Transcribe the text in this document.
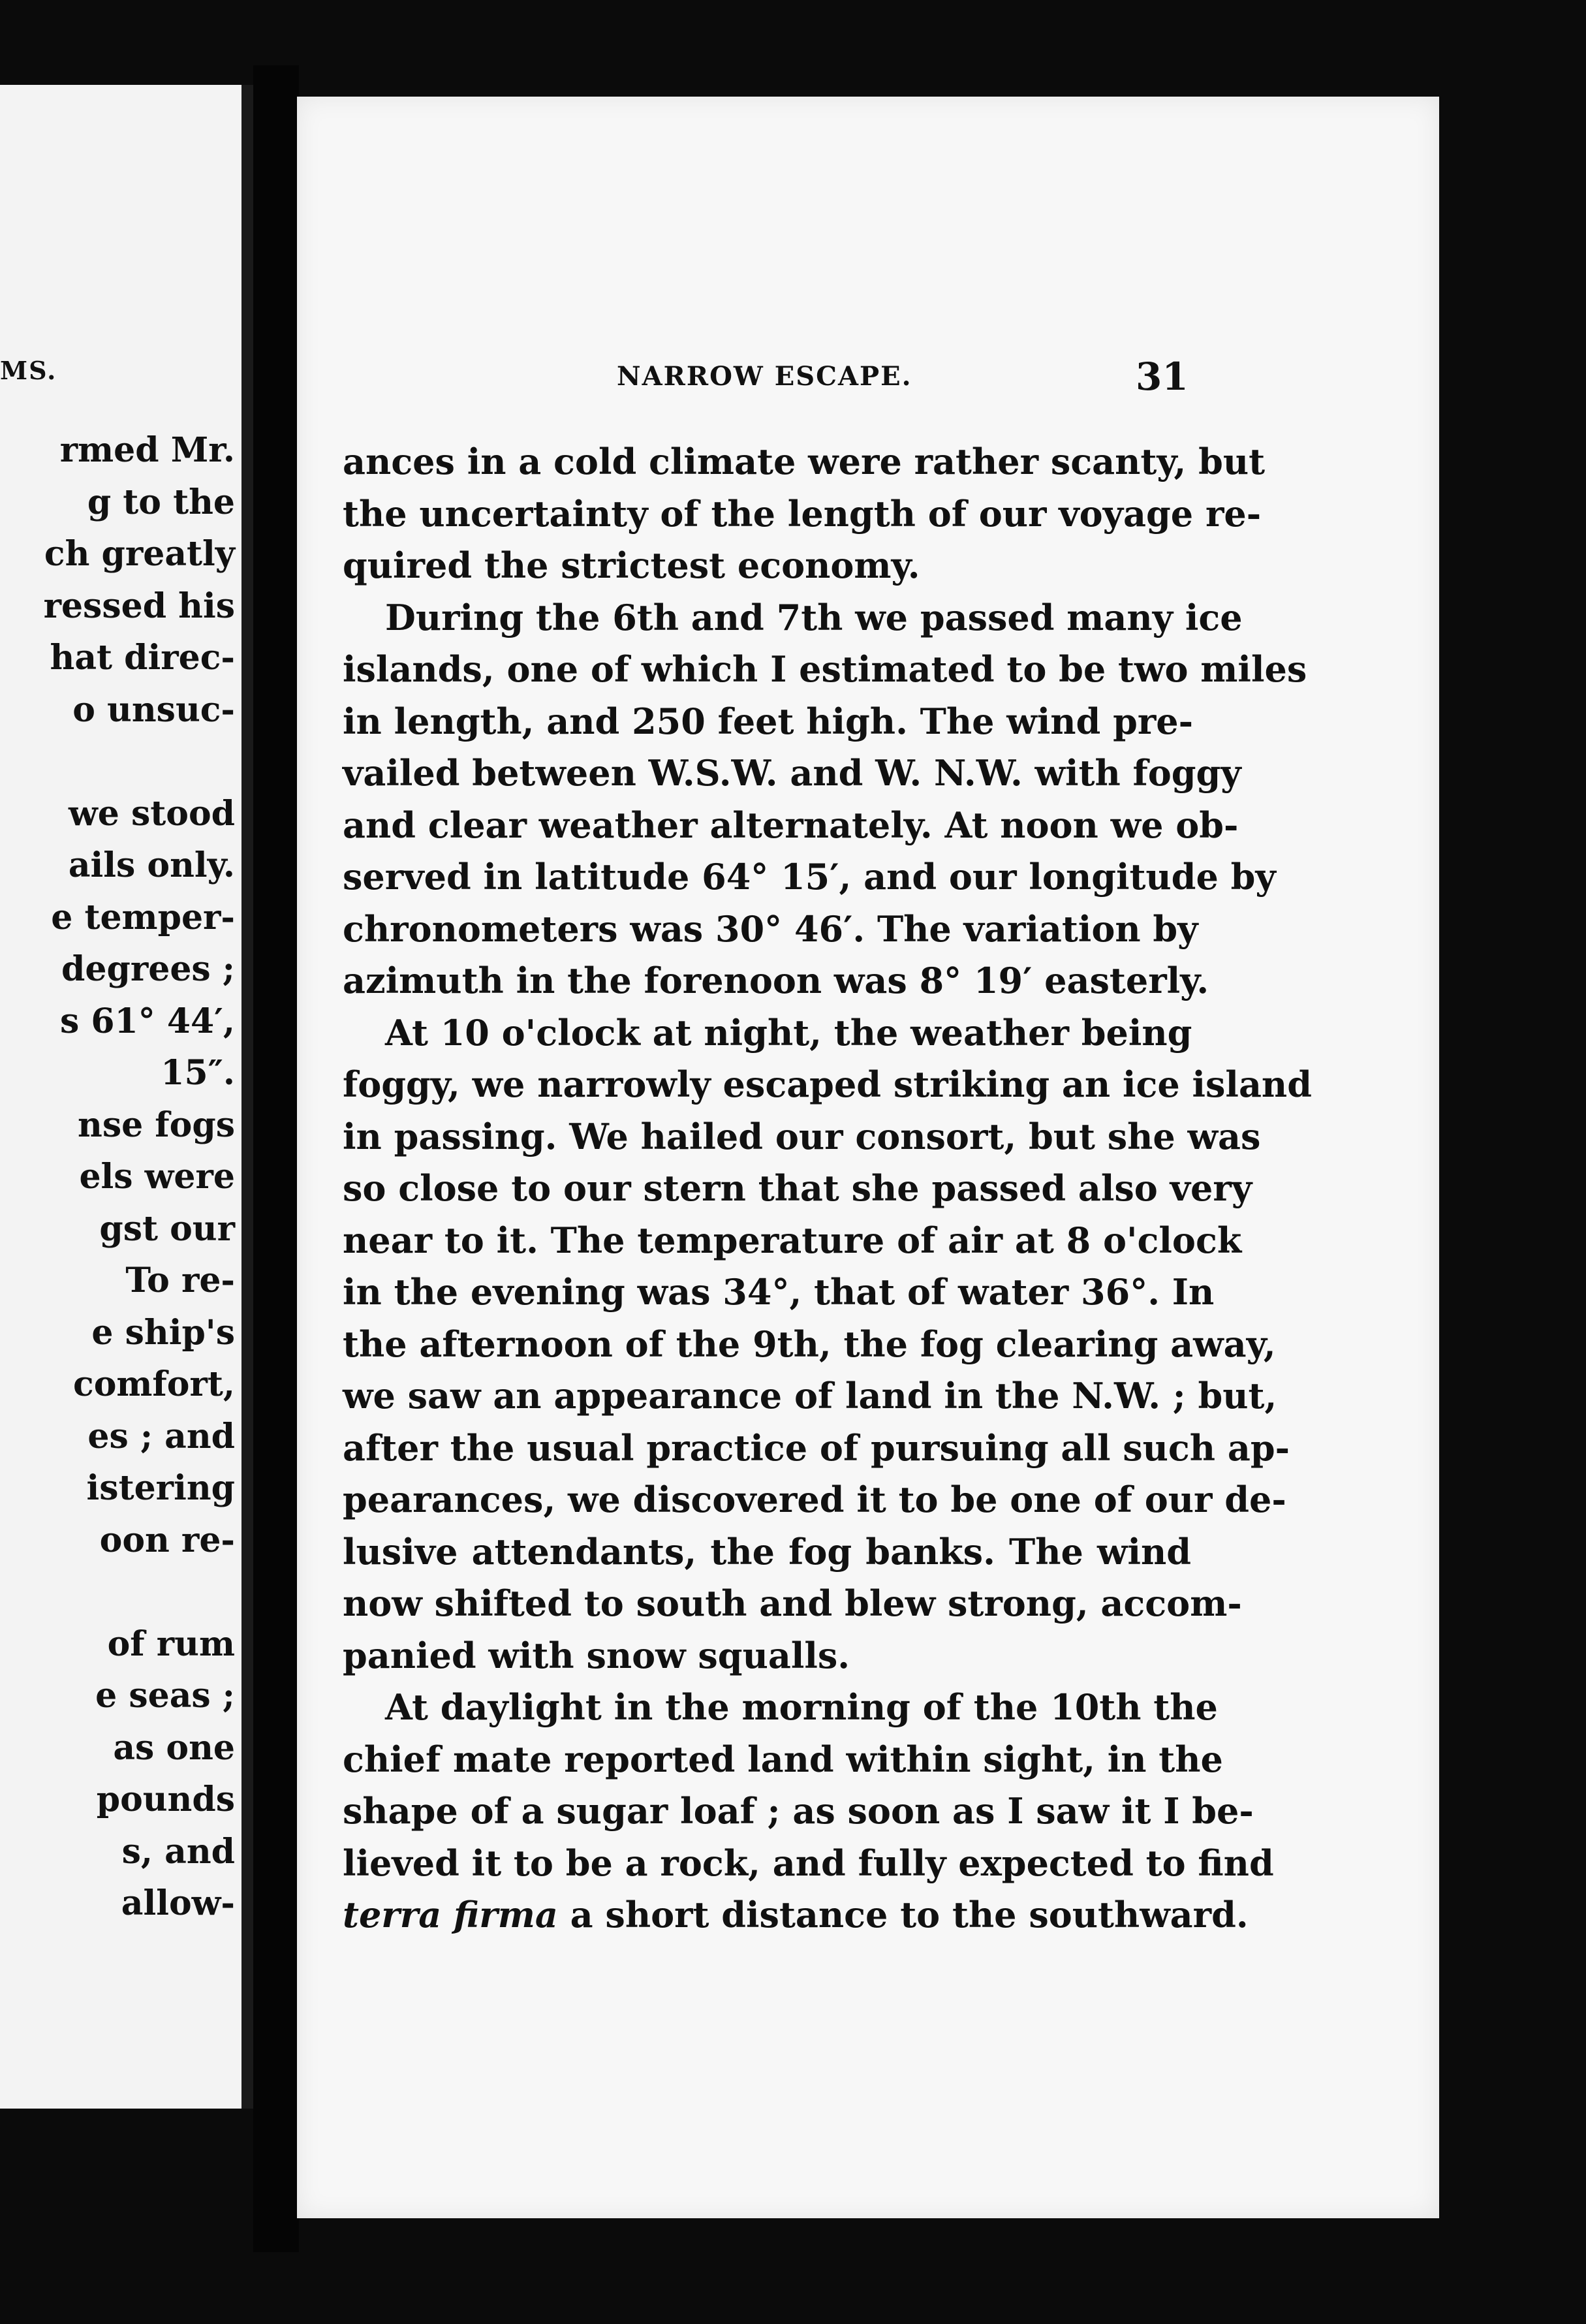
MS.
rmed Mr.
g to the
ch greatly
ressed his
hat direc-
o unsuc-
we stood
ails only.
e temper-
degrees ;
s 61° 44′,
15″.
nse fogs
els were
gst our
To re-
e ship's
comfort,
es ; and
istering
oon re-
of rum
e seas ;
as one
pounds
s, and
allow-
NARROW ESCAPE.	31
ances in a cold climate were rather scanty, but
the uncertainty of the length of our voyage re-
quired the strictest economy.
During the 6th and 7th we passed many ice
islands, one of which I estimated to be two miles
in length, and 250 feet high. The wind pre-
vailed between W.S.W. and W. N.W. with foggy
and clear weather alternately. At noon we ob-
served in latitude 64° 15′, and our longitude by
chronometers was 30° 46′. The variation by
azimuth in the forenoon was 8° 19′ easterly.
At 10 o'clock at night, the weather being
foggy, we narrowly escaped striking an ice island
in passing. We hailed our consort, but she was
so close to our stern that she passed also very
near to it. The temperature of air at 8 o'clock
in the evening was 34°, that of water 36°. In
the afternoon of the 9th, the fog clearing away,
we saw an appearance of land in the N.W. ; but,
after the usual practice of pursuing all such ap-
pearances, we discovered it to be one of our de-
lusive attendants, the fog banks. The wind
now shifted to south and blew strong, accom-
panied with snow squalls.
At daylight in the morning of the 10th the
chief mate reported land within sight, in the
shape of a sugar loaf ; as soon as I saw it I be-
lieved it to be a rock, and fully expected to find
terra firma a short distance to the southward.
